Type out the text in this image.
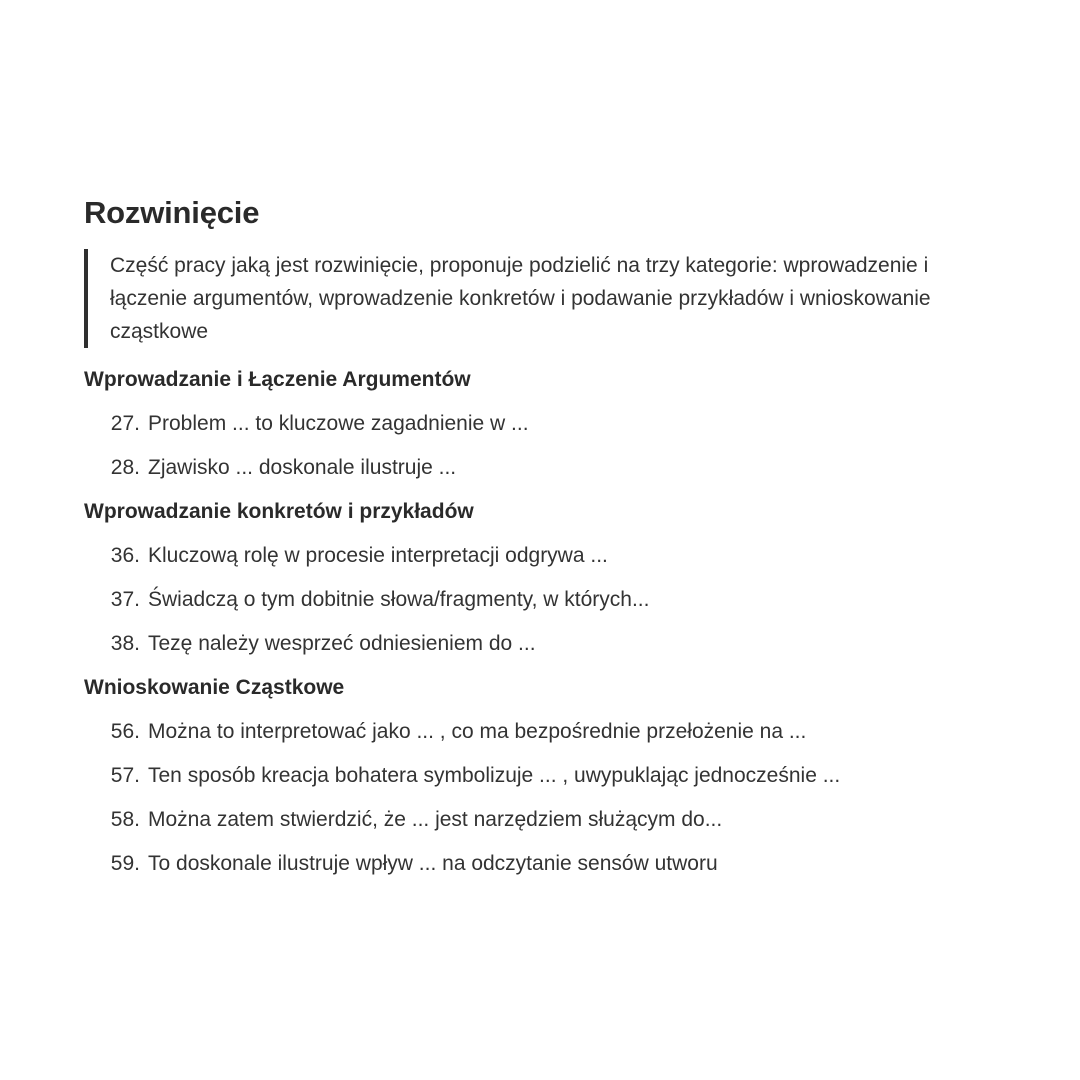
Rozwinięcie
Część pracy jaką jest rozwinięcie, proponuje podzielić na trzy kategorie: wprowadzenie i łączenie argumentów, wprowadzenie konkretów i podawanie przykładów i wnioskowanie cząstkowe
Wprowadzanie i Łączenie Argumentów
27. Problem ... to kluczowe zagadnienie w ...
28. Zjawisko ... doskonale ilustruje ...
Wprowadzanie konkretów i przykładów
36. Kluczową rolę w procesie interpretacji odgrywa ...
37. Świadczą o tym dobitnie słowa/fragmenty, w których...
38. Tezę należy wesprzeć odniesieniem do ...
Wnioskowanie Cząstkowe
56. Można to interpretować jako ... , co ma bezpośrednie przełożenie na ...
57. Ten sposób kreacja bohatera symbolizuje ... , uwypuklając jednocześnie ...
58. Można zatem stwierdzić, że ... jest narzędziem służącym do...
59. To doskonale ilustruje wpływ ... na odczytanie sensów utworu
